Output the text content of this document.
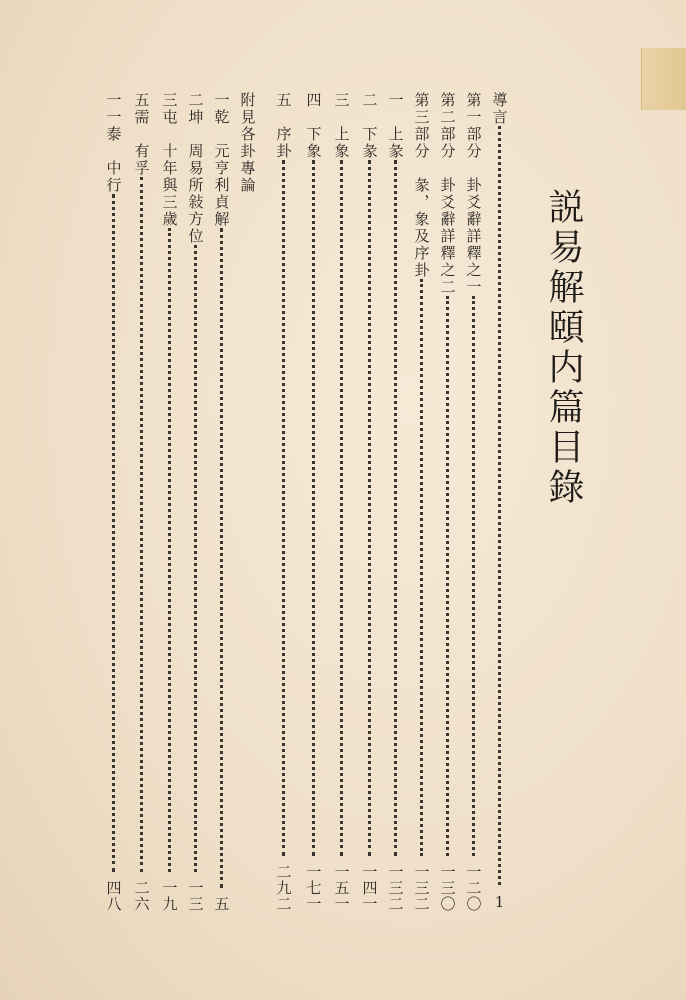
説易解頤内篇目錄
導言
1
第一部分　卦爻辭詳釋之一
一二〇
第二部分　卦爻辭詳釋之二
一三〇
第三部分　彖，象及序卦
一三二
一　上彖
一三二
二　下彖
一四一
三　上象
一五一
四　下象
一七一
五　序卦
二九二
附見各卦專論
一乾　元亨利貞解
五
二坤　周易所敍方位
一三
三屯　十年與三歲
一九
五需　有孚
二六
一一泰　中行
四八
